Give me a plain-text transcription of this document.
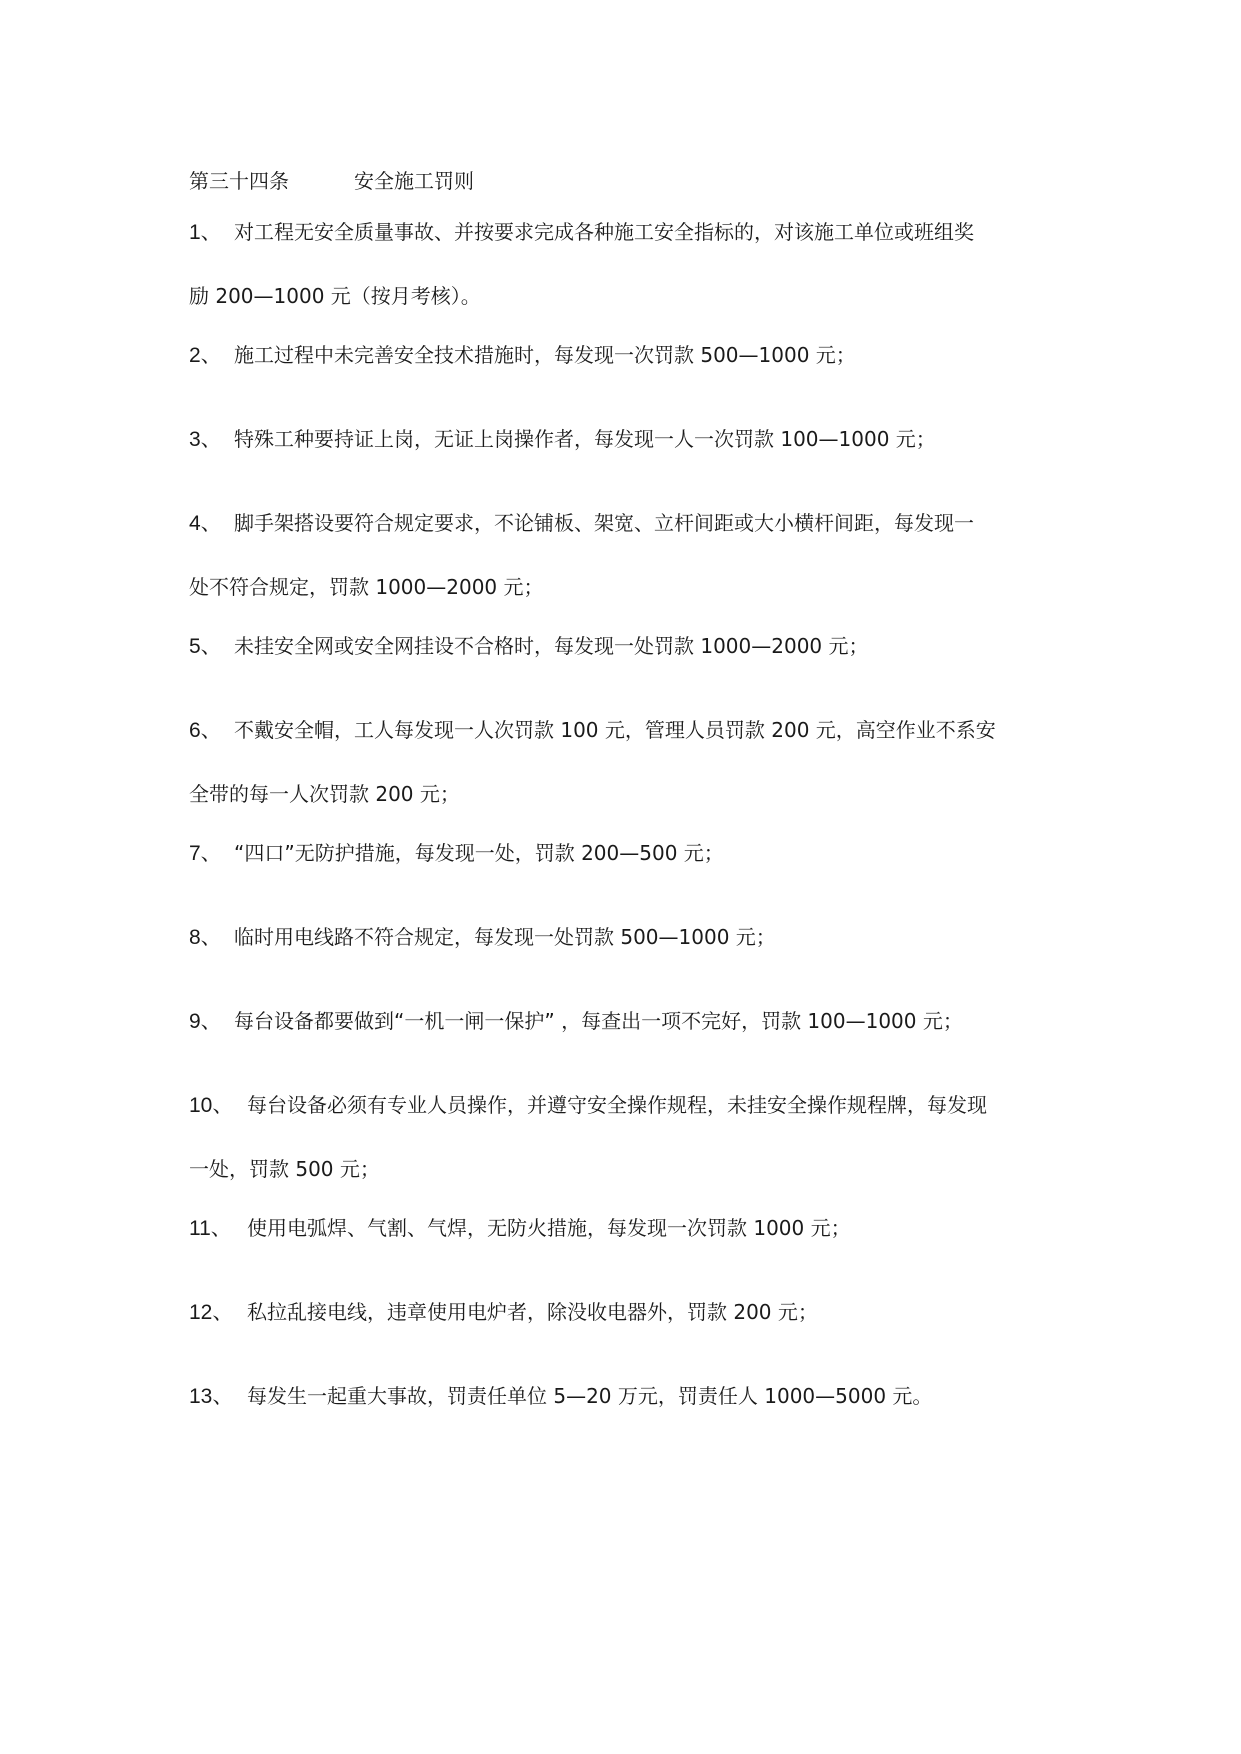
第三十四条	安全施工罚则
1、 对工程无安全质量事故、并按要求完成各种施工安全指标的，对该施工单位或班组奖
励 200—1000 元（按月考核）。
2、 施工过程中未完善安全技术措施时，每发现一次罚款 500—1000 元；
3、 特殊工种要持证上岗，无证上岗操作者，每发现一人一次罚款 100—1000 元；
4、 脚手架搭设要符合规定要求，不论铺板、架宽、立杆间距或大小横杆间距，每发现一
处不符合规定，罚款 1000—2000 元；
5、 未挂安全网或安全网挂设不合格时，每发现一处罚款 1000—2000 元；
6、 不戴安全帽，工人每发现一人次罚款 100 元，管理人员罚款 200 元，高空作业不系安
全带的每一人次罚款 200 元；
7、 “四口”无防护措施，每发现一处，罚款 200—500 元；
8、 临时用电线路不符合规定，每发现一处罚款 500—1000 元；
9、 每台设备都要做到“一机一闸一保护” ，每查出一项不完好，罚款 100—1000 元；
10、 每台设备必须有专业人员操作，并遵守安全操作规程，未挂安全操作规程牌，每发现
一处，罚款 500 元；
11、 使用电弧焊、气割、气焊，无防火措施，每发现一次罚款 1000 元；
12、 私拉乱接电线，违章使用电炉者，除没收电器外，罚款 200 元；
13、 每发生一起重大事故，罚责任单位 5—20 万元，罚责任人 1000—5000 元。
